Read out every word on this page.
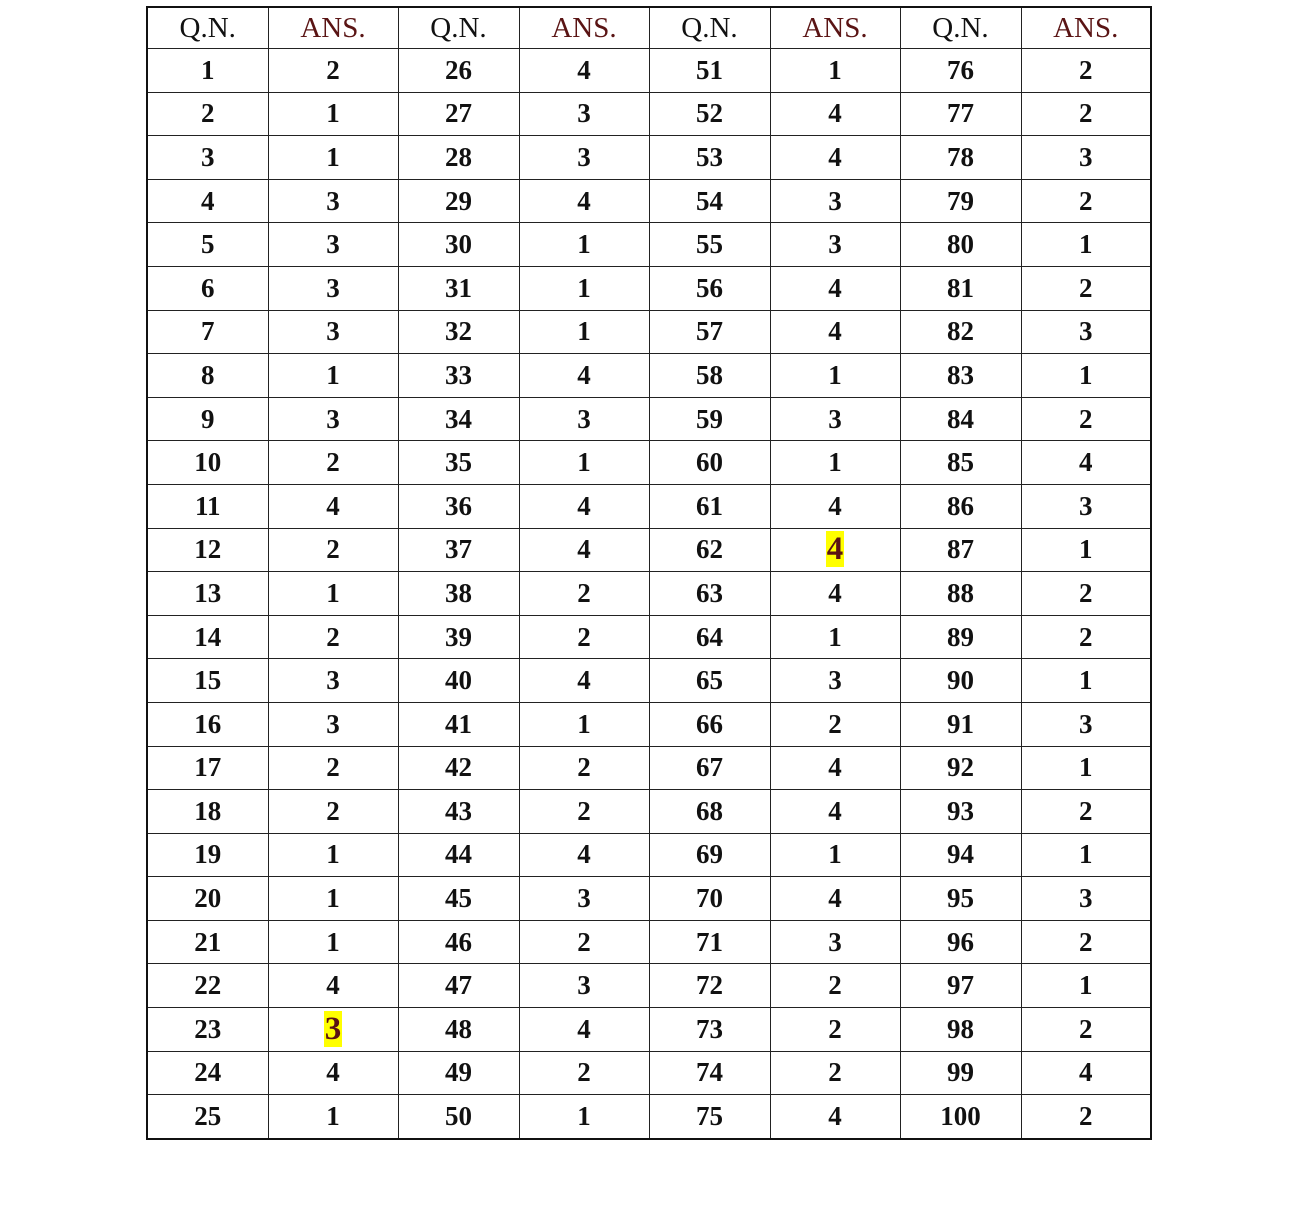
Q.N.	ANS.	Q.N.	ANS.	Q.N.	ANS.	Q.N.	ANS.
1	2	26	4	51	1	76	2
2	1	27	3	52	4	77	2
3	1	28	3	53	4	78	3
4	3	29	4	54	3	79	2
5	3	30	1	55	3	80	1
6	3	31	1	56	4	81	2
7	3	32	1	57	4	82	3
8	1	33	4	58	1	83	1
9	3	34	3	59	3	84	2
10	2	35	1	60	1	85	4
11	4	36	4	61	4	86	3
12	2	37	4	62	4	87	1
13	1	38	2	63	4	88	2
14	2	39	2	64	1	89	2
15	3	40	4	65	3	90	1
16	3	41	1	66	2	91	3
17	2	42	2	67	4	92	1
18	2	43	2	68	4	93	2
19	1	44	4	69	1	94	1
20	1	45	3	70	4	95	3
21	1	46	2	71	3	96	2
22	4	47	3	72	2	97	1
23	3	48	4	73	2	98	2
24	4	49	2	74	2	99	4
25	1	50	1	75	4	100	2
